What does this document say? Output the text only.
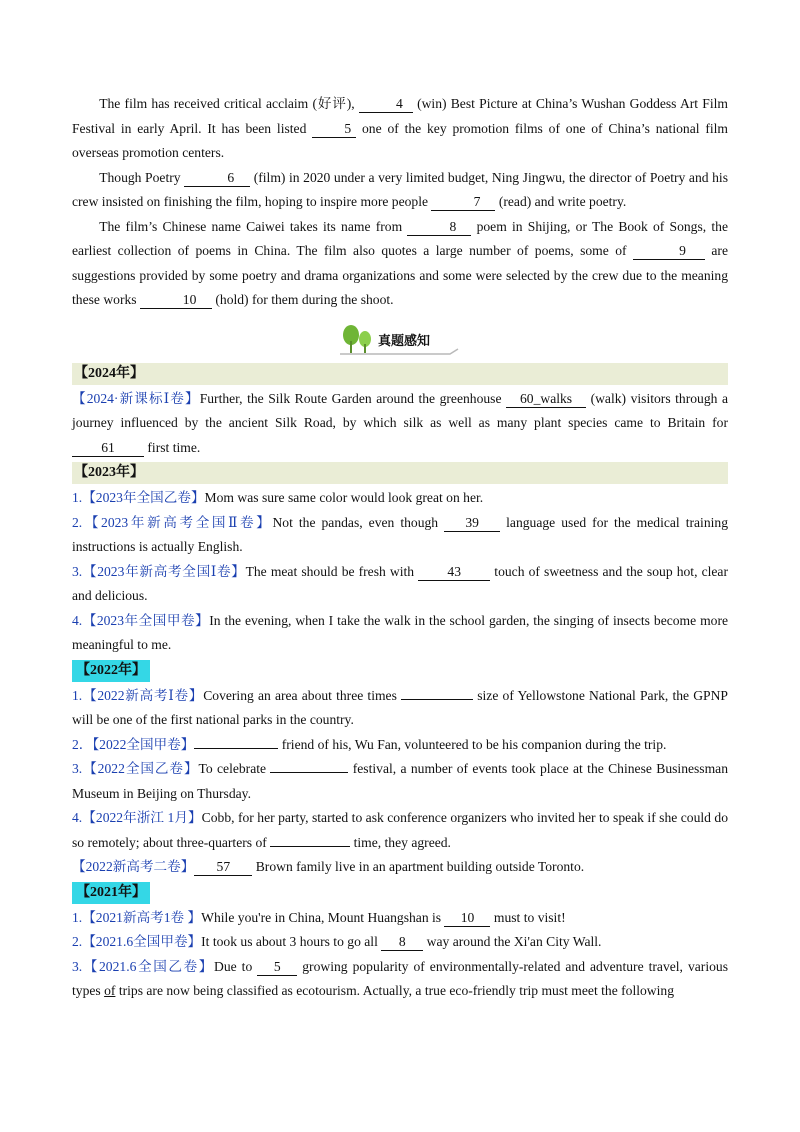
The film has received critical acclaim (好评),	4 (win) Best Picture at China’s Wushan Goddess Art Film Festival in early April. It has been listed 5 one of the key promotion films of one of China’s national film overseas promotion centers.

Though Poetry	6 (film) in 2020 under a very limited budget, Ning Jingwu, the director of Poetry and his crew insisted on finishing the film, hoping to inspire more people	7 (read) and write poetry.

The film’s Chinese name Caiwei takes its name from	8 poem in Shijing, or The Book of Songs, the earliest collection of poems in China. The film also quotes a large number of poems, some of	9 are suggestions provided by some poetry and drama organizations and some were selected by the crew due to the meaning these works	10 (hold) for them during the shoot.

真题感知
【2024年】

【2024·新课标Ⅰ卷】Further, the Silk Route Garden around the greenhouse 60_walks (walk) visitors through a journey influenced by the ancient Silk Road, by which silk as well as many plant species came to Britain for 61 first time.

【2023年】

1.【2023年全国乙卷】Mom was sure same color would look great on her.

2.【2023年新高考全国Ⅱ卷】Not the pandas, even though 39 language used for the medical training instructions is actually English.

3.【2023年新高考全国Ⅰ卷】The meat should be fresh with 43 touch of sweetness and the soup hot, clear and delicious.

4.【2023年全国甲卷】In the evening, when I take the walk in the school garden, the singing of insects become more meaningful to me.

【2022年】

1.【2022新高考Ⅰ卷】Covering an area about three times	size of Yellowstone National Park, the GPNP will be one of the first national parks in the country.

2．【2022全国甲卷】	friend of his, Wu Fan, volunteered to be his companion during the trip.

3.【2022全国乙卷】To celebrate	festival, a number of events took place at the Chinese Businessman Museum in Beijing on Thursday.

4.【2022年浙江 1月】Cobb, for her party, started to ask conference organizers who invited her to speak if she could do so remotely; about three-quarters of	time, they agreed.

【2022新高考二卷】 57 Brown family live in an apartment building outside Toronto.

【2021年】

1.【2021新高考1卷 】While you're in China, Mount Huangshan is 10 must to visit!

2.【2021.6全国甲卷】It took us about 3 hours to go all 8 way around the Xi'an City Wall.

3.【2021.6全国乙卷】Due to 5 growing popularity of environmentally-related and adventure travel, various types of trips are now being classified as ecotourism. Actually, a true eco-friendly trip must meet the following
